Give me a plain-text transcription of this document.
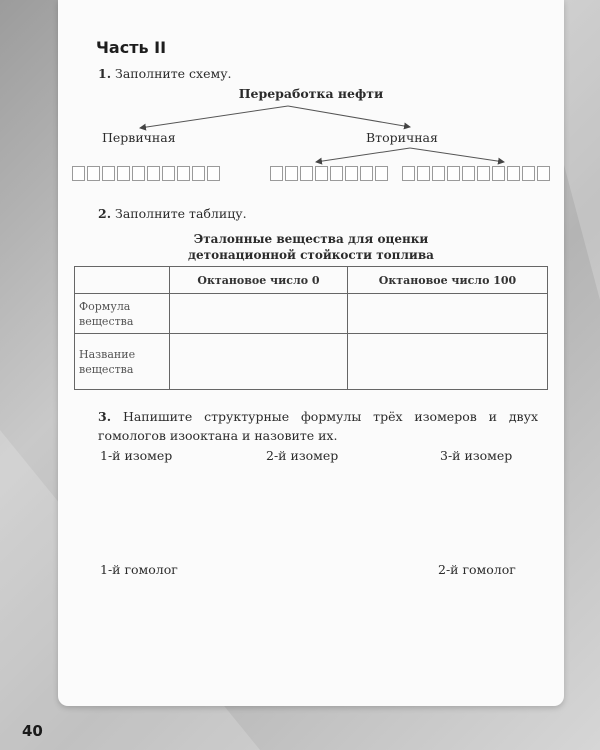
Часть II
1. Заполните схему.
Переработка нефти
Первичная	Вторичная
2. Заполните таблицу.
Эталонные вещества для оценки
детонационной стойкости топлива
	Октановое число 0	Октановое число 100
Формула вещества		
Название вещества		
3. Напишите структурные формулы трёх изомеров и двух гомологов изооктана и назовите их.
1-й изомер	2-й изомер	3-й изомер
1-й гомолог	2-й гомолог
40
